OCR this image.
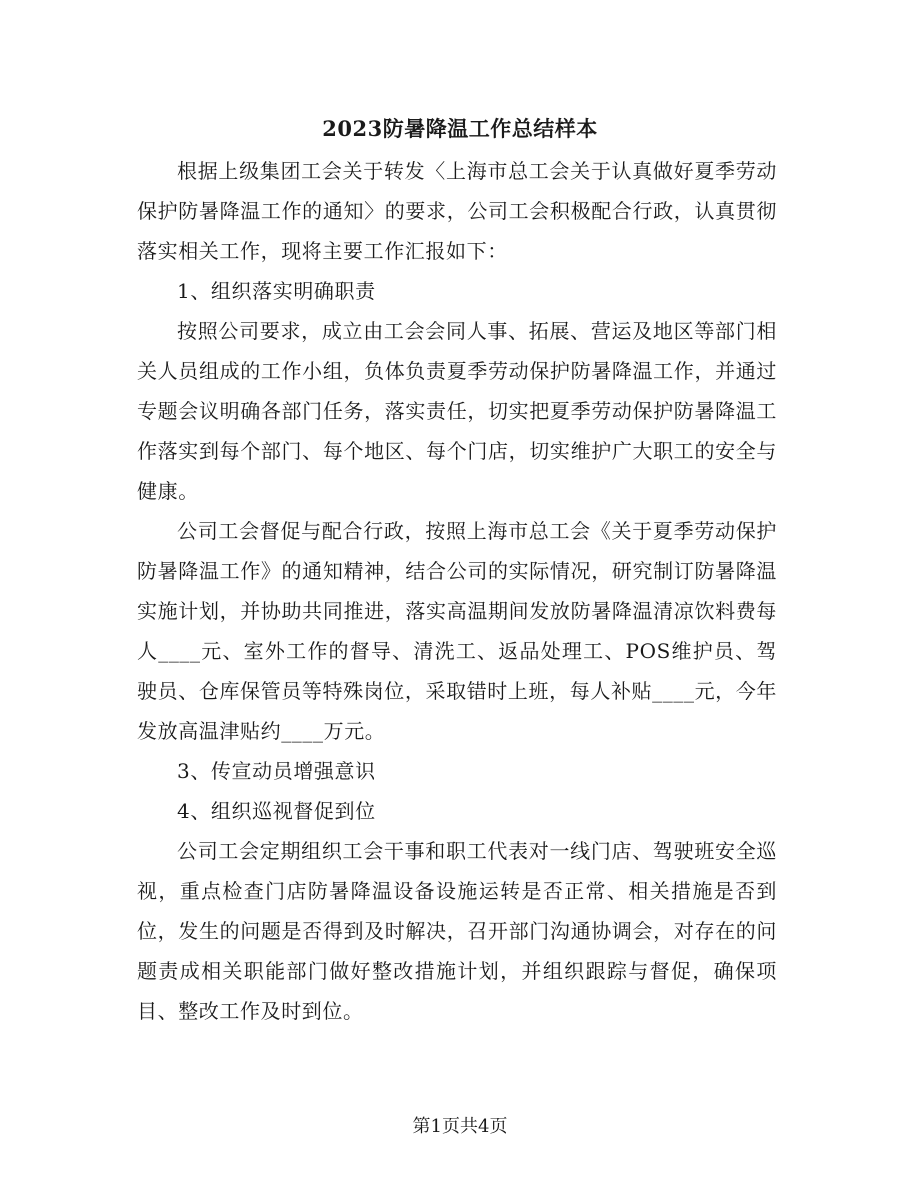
2023防暑降温工作总结样本

根据上级集团工会关于转发〈上海市总工会关于认真做好夏季劳动保护防暑降温工作的通知〉的要求，公司工会积极配合行政，认真贯彻落实相关工作，现将主要工作汇报如下：

1、组织落实明确职责

按照公司要求，成立由工会会同人事、拓展、营运及地区等部门相关人员组成的工作小组，负体负责夏季劳动保护防暑降温工作，并通过专题会议明确各部门任务，落实责任，切实把夏季劳动保护防暑降温工作落实到每个部门、每个地区、每个门店，切实维护广大职工的安全与健康。

公司工会督促与配合行政，按照上海市总工会《关于夏季劳动保护防暑降温工作》的通知精神，结合公司的实际情况，研究制订防暑降温实施计划，并协助共同推进，落实高温期间发放防暑降温清凉饮料费每人____元、室外工作的督导、清洗工、返品处理工、POS维护员、驾驶员、仓库保管员等特殊岗位，采取错时上班，每人补贴____元，今年发放高温津贴约____万元。

3、传宣动员增强意识

4、组织巡视督促到位

公司工会定期组织工会干事和职工代表对一线门店、驾驶班安全巡视，重点检查门店防暑降温设备设施运转是否正常、相关措施是否到位，发生的问题是否得到及时解决，召开部门沟通协调会，对存在的问题责成相关职能部门做好整改措施计划，并组织跟踪与督促，确保项目、整改工作及时到位。

第1页共4页
